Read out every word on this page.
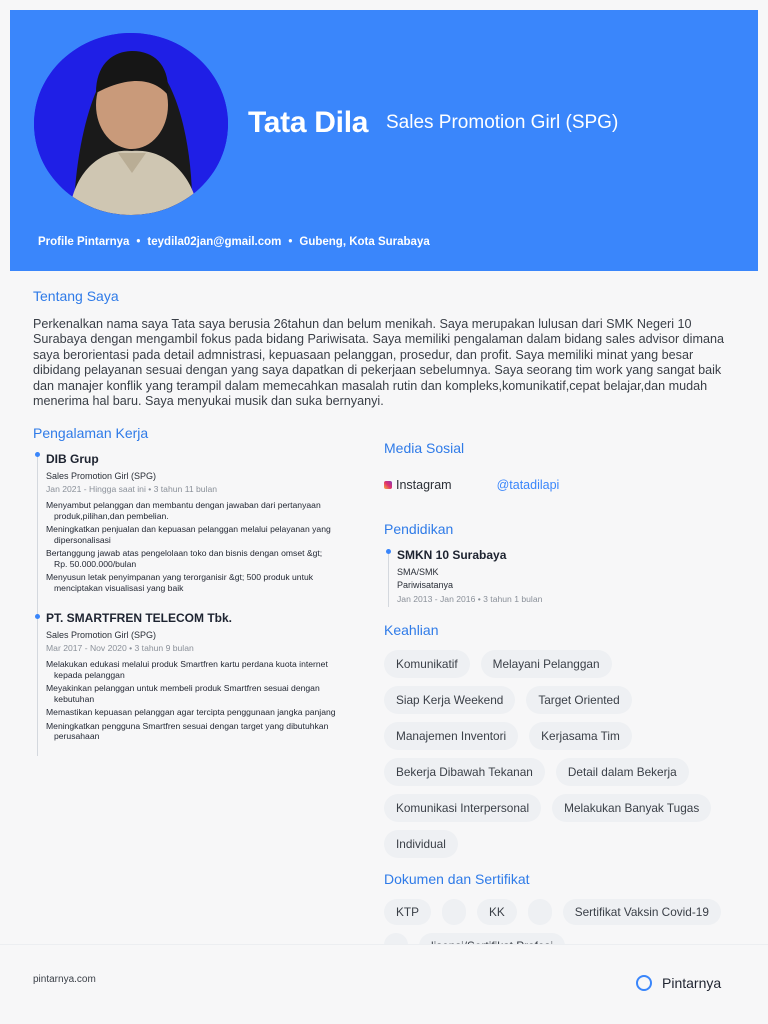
Tata Dila Sales Promotion Girl (SPG)
Profile Pintarnya • teydila02jan@gmail.com • Gubeng, Kota Surabaya
Tentang Saya
Perkenalkan nama saya Tata saya berusia 26tahun dan belum menikah. Saya merupakan lulusan dari SMK Negeri 10 Surabaya dengan mengambil fokus pada bidang Pariwisata. Saya memiliki pengalaman dalam bidang sales advisor dimana saya berorientasi pada detail admnistrasi, kepuasaan pelanggan, prosedur, dan profit. Saya memiliki minat yang besar dibidang pelayanan sesuai dengan yang saya dapatkan di pekerjaan sebelumnya. Saya seorang tim work yang sangat baik dan manajer konflik yang terampil dalam memecahkan masalah rutin dan kompleks,komunikatif,cepat belajar,dan mudah menerima hal baru. Saya menyukai musik dan suka bernyanyi.
Pengalaman Kerja
DIB Grup
Sales Promotion Girl (SPG)
Jan 2021 - Hingga saat ini • 3 tahun 11 bulan
Menyambut pelanggan dan membantu dengan jawaban dari pertanyaan produk,pilihan,dan pembelian.
Meningkatkan penjualan dan kepuasan pelanggan melalui pelayanan yang dipersonalisasi
Bertanggung jawab atas pengelolaan toko dan bisnis dengan omset &gt; Rp. 50.000.000/bulan
Menyusun letak penyimpanan yang terorganisir &gt; 500 produk untuk menciptakan visualisasi yang baik
PT. SMARTFREN TELECOM Tbk.
Sales Promotion Girl (SPG)
Mar 2017 - Nov 2020 • 3 tahun 9 bulan
Melakukan edukasi melalui produk Smartfren kartu perdana kuota internet kepada pelanggan
Meyakinkan pelanggan untuk membeli produk Smartfren sesuai dengan kebutuhan
Memastikan kepuasan pelanggan agar tercipta penggunaan jangka panjang
Meningkatkan pengguna Smartfren sesuai dengan target yang dibutuhkan perusahaan
Media Sosial
Instagram	@tatadilapi
Pendidikan
SMKN 10 Surabaya
SMA/SMK
Pariwisatanya
Jan 2013 - Jan 2016 • 3 tahun 1 bulan
Keahlian
Komunikatif	Melayani Pelanggan
Siap Kerja Weekend	Target Oriented
Manajemen Inventori	Kerjasama Tim
Bekerja Dibawah Tekanan	Detail dalam Bekerja
Komunikasi Interpersonal	Melakukan Banyak Tugas
Individual
Dokumen dan Sertifikat
KTP	KK	Sertifikat Vaksin Covid-19
pintarnya.com	Pintarnya
